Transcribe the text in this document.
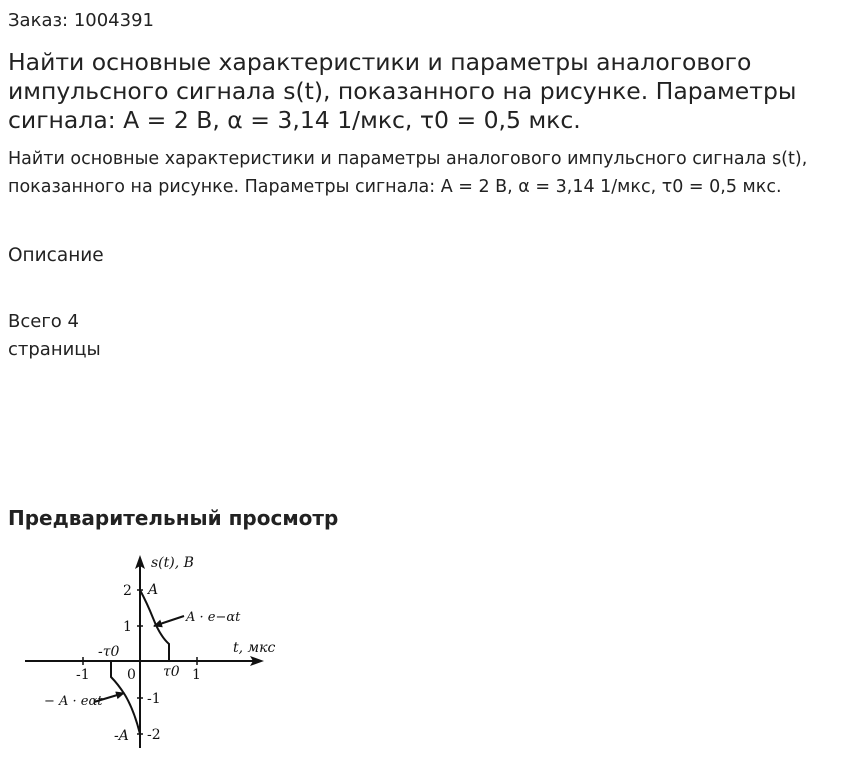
Заказ: 1004391
Найти основные характеристики и параметры аналогового импульсного сигнала s(t), показанного на рисунке. Параметры сигнала: A = 2 В, α = 3,14 1/мкс, τ0 = 0,5 мкс.
Найти основные характеристики и параметры аналогового импульсного сигнала s(t), показанного на рисунке. Параметры сигнала: A = 2 В, α = 3,14 1/мкс, τ0 = 0,5 мкс.
Описание
Всего 4
страницы
Предварительный просмотр
s(t), В
t, мкс
2
1
-1
-2
-1	0	1
A
-A
τ0
-τ0
A · e−αt
− A · eαt
